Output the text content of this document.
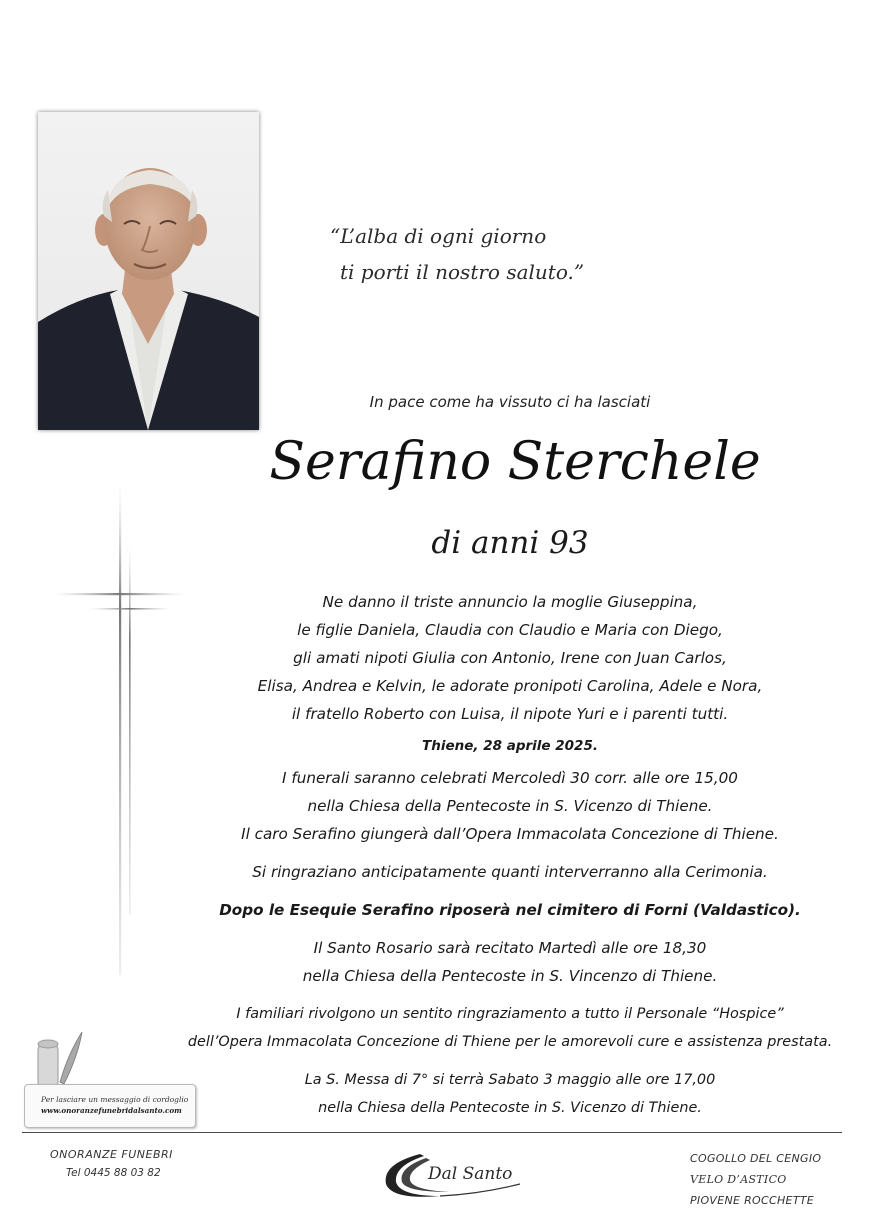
“L’alba di ogni giorno
ti porti il nostro saluto.”
In pace come ha vissuto ci ha lasciati
Serafino Sterchele
di anni 93
Ne danno il triste annuncio la moglie Giuseppina,
le figlie Daniela, Claudia con Claudio e Maria con Diego,
gli amati nipoti Giulia con Antonio, Irene con Juan Carlos,
Elisa, Andrea e Kelvin, le adorate pronipoti Carolina, Adele e Nora,
il fratello Roberto con Luisa, il nipote Yuri e i parenti tutti.
Thiene, 28 aprile 2025.
I funerali saranno celebrati Mercoledì 30 corr. alle ore 15,00
nella Chiesa della Pentecoste in S. Vicenzo di Thiene.
Il caro Serafino giungerà dall’Opera Immacolata Concezione di Thiene.
Si ringraziano anticipatamente quanti interverranno alla Cerimonia.
Dopo le Esequie Serafino riposerà nel cimitero di Forni (Valdastico).
Il Santo Rosario sarà recitato Martedì alle ore 18,30
nella Chiesa della Pentecoste in S. Vincenzo di Thiene.
I familiari rivolgono un sentito ringraziamento a tutto il Personale “Hospice”
dell’Opera Immacolata Concezione di Thiene per le amorevoli cure e assistenza prestata.
La S. Messa di 7° si terrà Sabato 3 maggio alle ore 17,00
nella Chiesa della Pentecoste in S. Vicenzo di Thiene.
Per lasciare un messaggio di cordoglio
www.onoranzefunebridalsanto.com
ONORANZE FUNEBRI
Tel 0445 88 03 82	Dal Santo
COGOLLO DEL CENGIO
VELO D’ASTICO
PIOVENE ROCCHETTE
